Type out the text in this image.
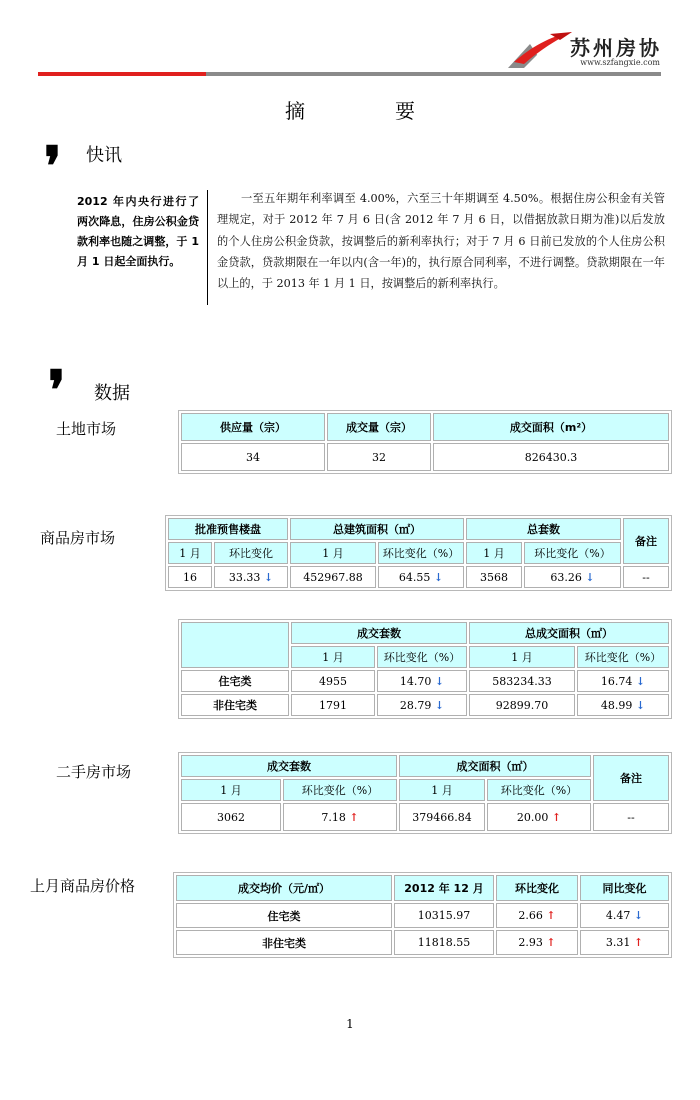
苏州房协
www.szfangxie.com
摘	要
❜ 快讯
2012 年内央行进行了两次降息，住房公积金贷款利率也随之调整，于 1 月 1 日起全面执行。
一至五年期年利率调至 4.00%，六至三十年期调至 4.50%。根据住房公积金有关管理规定，对于 2012 年 7 月 6 日(含 2012 年 7 月 6 日，以借据放款日期为准)以后发放的个人住房公积金贷款，按调整后的新利率执行；对于 7 月 6 日前已发放的个人住房公积金贷款，贷款期限在一年以内(含一年)的，执行原合同利率，不进行调整。贷款期限在一年以上的，于 2013 年 1 月 1 日，按调整后的新利率执行。
❜ 数据
土地市场	供应量（宗）	成交量（宗）	成交面积（m²）
34	32	826430.3
商品房市场	批准预售楼盘		总建筑面积（㎡）		总套数		备注
1 月	环比变化	1 月	环比变化（%）	1 月	环比变化（%）	
16	33.33 ↓	452967.88	64.55 ↓	3568	63.26 ↓	--
	成交套数		总成交面积（㎡）	
	1 月	环比变化（%）	1 月	环比变化（%）
住宅类	4955	14.70 ↓	583234.33	16.74 ↓
非住宅类	1791	28.79 ↓	92899.70	48.99 ↓
二手房市场	成交套数		成交面积（㎡）		备注
1 月	环比变化（%）	1 月	环比变化（%）	
3062	7.18 ↑	379466.84	20.00 ↑	--
上月商品房价格	成交均价（元/㎡）	2012 年 12 月	环比变化	同比变化
住宅类	10315.97	2.66 ↑	4.47 ↓
非住宅类	11818.55	2.93 ↑	3.31 ↑
1
